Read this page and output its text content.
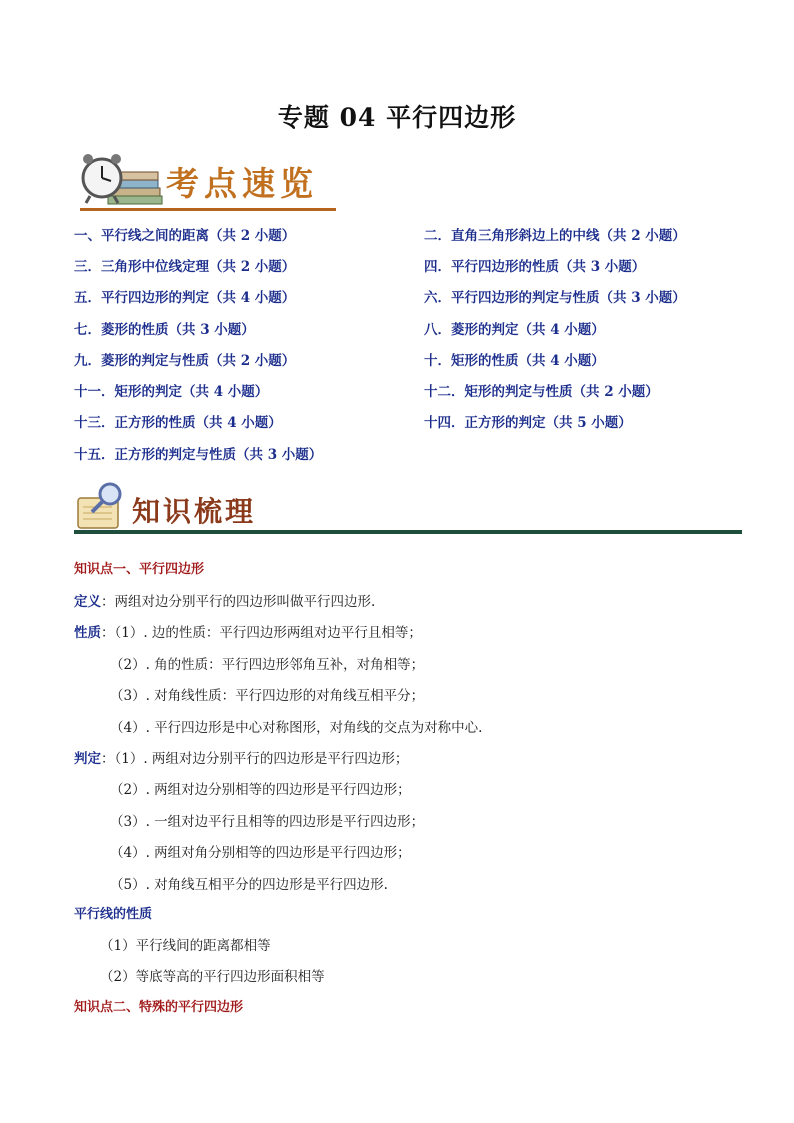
专题 04 平行四边形
考点速览
一、平行线之间的距离（共 2 小题）	二．直角三角形斜边上的中线（共 2 小题）
三．三角形中位线定理（共 2 小题）	四．平行四边形的性质（共 3 小题）
五．平行四边形的判定（共 4 小题）	六．平行四边形的判定与性质（共 3 小题）
七．菱形的性质（共 3 小题）	八．菱形的判定（共 4 小题）
九．菱形的判定与性质（共 2 小题）	十．矩形的性质（共 4 小题）
十一．矩形的判定（共 4 小题）	十二．矩形的判定与性质（共 2 小题）
十三．正方形的性质（共 4 小题）	十四．正方形的判定（共 5 小题）
十五．正方形的判定与性质（共 3 小题）
知识梳理
知识点一、平行四边形
定义：两组对边分别平行的四边形叫做平行四边形.
性质：（1）. 边的性质：平行四边形两组对边平行且相等；
（2）. 角的性质：平行四边形邻角互补，对角相等；
（3）. 对角线性质：平行四边形的对角线互相平分；
（4）. 平行四边形是中心对称图形，对角线的交点为对称中心.
判定：（1）. 两组对边分别平行的四边形是平行四边形；
（2）. 两组对边分别相等的四边形是平行四边形；
（3）. 一组对边平行且相等的四边形是平行四边形；
（4）. 两组对角分别相等的四边形是平行四边形；
（5）. 对角线互相平分的四边形是平行四边形.
平行线的性质
（1）平行线间的距离都相等
（2）等底等高的平行四边形面积相等
知识点二、特殊的平行四边形
